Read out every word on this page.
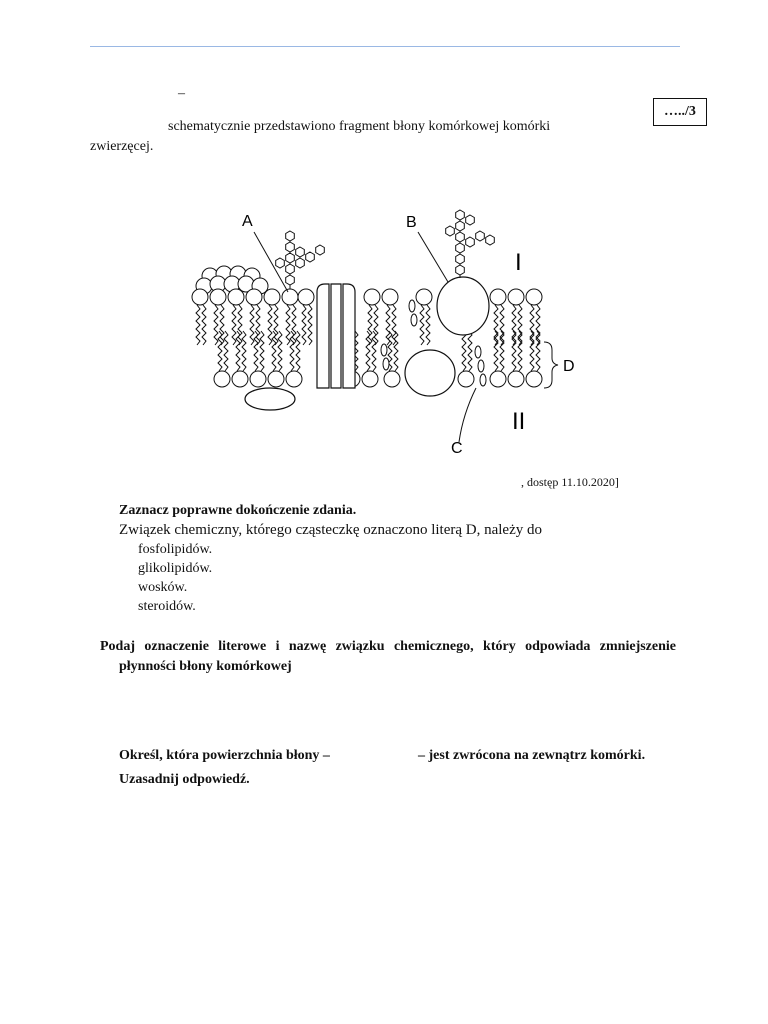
–
…../3
schematycznie przedstawiono fragment błony komórkowej komórki
zwierzęcej.
A	B
C
D
I
II
, dostęp 11.10.2020]
Zaznacz poprawne dokończenie zdania.
Związek chemiczny, którego cząsteczkę oznaczono literą D, należy do
fosfolipidów.
glikolipidów.
wosków.
steroidów.
Podaj oznaczenie literowe i nazwę związku chemicznego, który odpowiada zmniejszenie płynności błony komórkowej
Określ, która powierzchnia błony –	– jest zwrócona na zewnątrz komórki.
Uzasadnij odpowiedź.
